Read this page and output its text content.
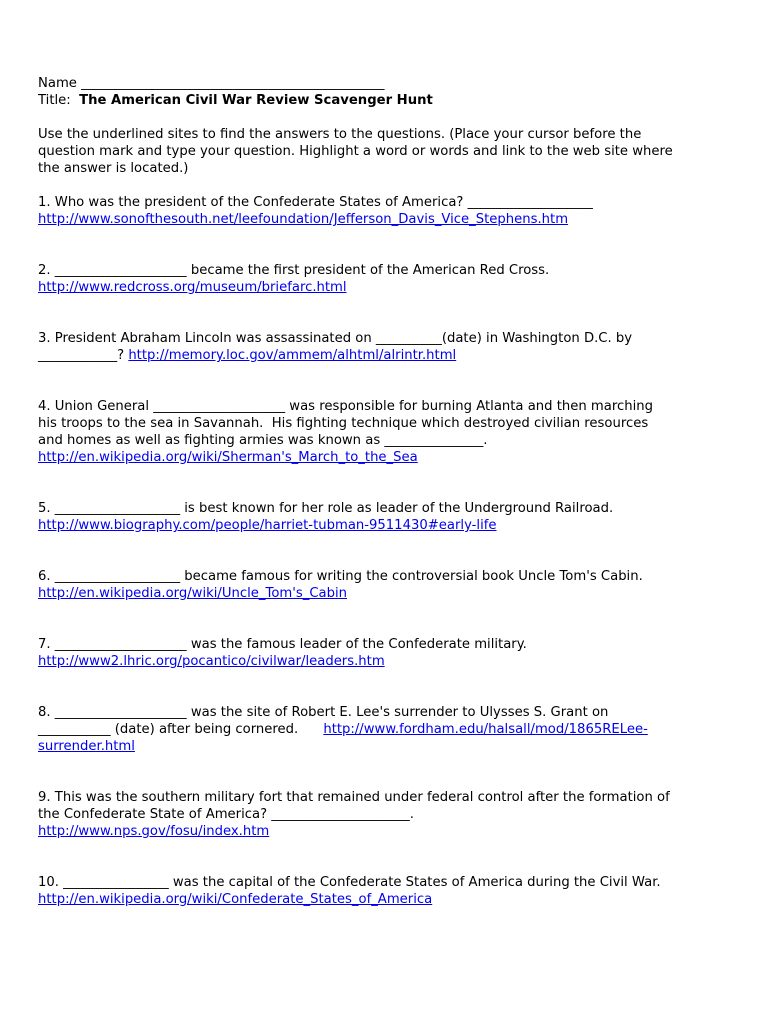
Name ______________________________________________
Title:  The American Civil War Review Scavenger Hunt
Use the underlined sites to find the answers to the questions. (Place your cursor before the
question mark and type your question. Highlight a word or words and link to the web site where
the answer is located.)
1. Who was the president of the Confederate States of America? ___________________
http://www.sonofthesouth.net/leefoundation/Jefferson_Davis_Vice_Stephens.htm
2. ____________________ became the first president of the American Red Cross.
http://www.redcross.org/museum/briefarc.html
3. President Abraham Lincoln was assassinated on __________(date) in Washington D.C. by
____________? http://memory.loc.gov/ammem/alhtml/alrintr.html
4. Union General ____________________ was responsible for burning Atlanta and then marching
his troops to the sea in Savannah.  His fighting technique which destroyed civilian resources
and homes as well as fighting armies was known as _______________.
http://en.wikipedia.org/wiki/Sherman's_March_to_the_Sea
5. ___________________ is best known for her role as leader of the Underground Railroad.
http://www.biography.com/people/harriet-tubman-9511430#early-life
6. ___________________ became famous for writing the controversial book Uncle Tom's Cabin.
http://en.wikipedia.org/wiki/Uncle_Tom's_Cabin
7. ____________________ was the famous leader of the Confederate military.
http://www2.lhric.org/pocantico/civilwar/leaders.htm
8. ____________________ was the site of Robert E. Lee's surrender to Ulysses S. Grant on
___________ (date) after being cornered.      http://www.fordham.edu/halsall/mod/1865RELee-
surrender.html
9. This was the southern military fort that remained under federal control after the formation of
the Confederate State of America? _____________________.
http://www.nps.gov/fosu/index.htm
10. ________________ was the capital of the Confederate States of America during the Civil War.
http://en.wikipedia.org/wiki/Confederate_States_of_America
